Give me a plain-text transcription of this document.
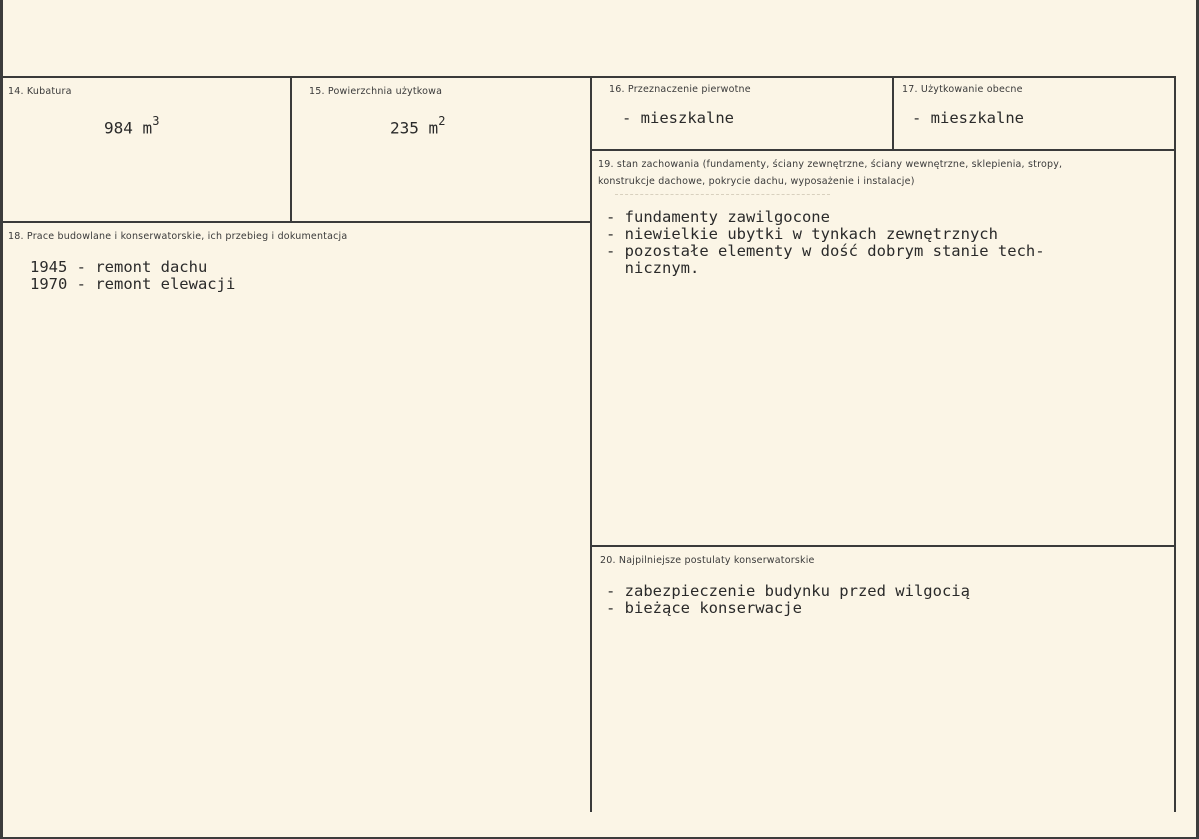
14. Kubatura
984 $m^3$
15. Powierzchnia użytkowa
235 $m^2$
16. Przeznaczenie pierwotne
- mieszkalne
17. Użytkowanie obecne
- mieszkalne
18. Prace budowlane i konserwatorskie, ich przebieg i dokumentacja
1945 - remont dachu
1970 - remont elewacji
19. stan zachowania (fundamenty, ściany zewnętrzne, ściany wewnętrzne, sklepienia, stropy, konstrukcje dachowe, pokrycie dachu, wyposażenie i instalacje)
- fundamenty zawilgocone
- niewielkie ubytki w tynkach zewnętrznych
- pozostałe elementy w dość dobrym stanie tech-
nicznym.
20. Najpilniejsze postulaty konserwatorskie
- zabezpieczenie budynku przed wilgocią
- bieżące konserwacje
